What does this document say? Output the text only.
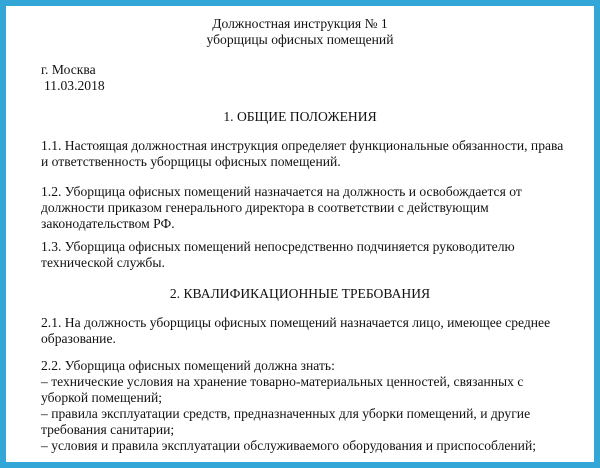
Должностная инструкция № 1
уборщицы офисных помещений
г. Москва
11.03.2018
1. ОБЩИЕ ПОЛОЖЕНИЯ
1.1. Настоящая должностная инструкция определяет функциональные обязанности, права
и ответственность уборщицы офисных помещений.
1.2. Уборщица офисных помещений назначается на должность и освобождается от
должности приказом генерального директора в соответствии с действующим
законодательством РФ.
1.3. Уборщица офисных помещений непосредственно подчиняется руководителю
технической службы.
2. КВАЛИФИКАЦИОННЫЕ ТРЕБОВАНИЯ
2.1. На должность уборщицы офисных помещений назначается лицо, имеющее среднее
образование.
2.2. Уборщица офисных помещений должна знать:
– технические условия на хранение товарно-материальных ценностей, связанных с
уборкой помещений;
– правила эксплуатации средств, предназначенных для уборки помещений, и другие
требования санитарии;
– условия и правила эксплуатации обслуживаемого оборудования и приспособлений;
